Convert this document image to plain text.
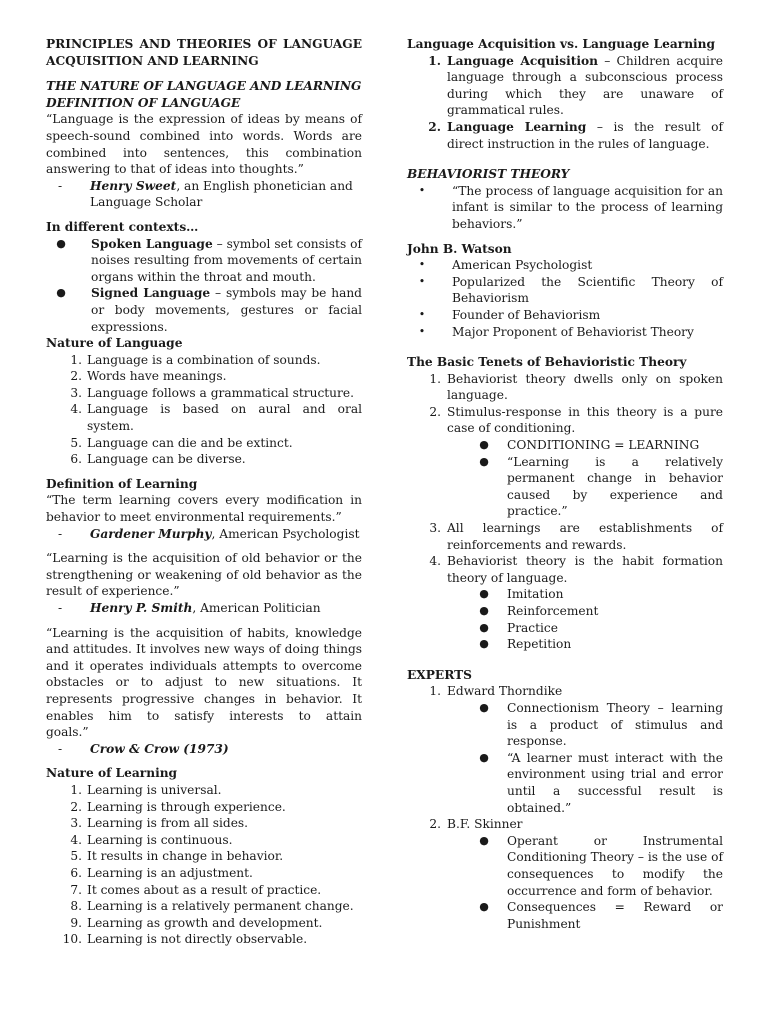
PRINCIPLES AND THEORIES OF LANGUAGE ACQUISITION AND LEARNING

THE NATURE OF LANGUAGE AND LEARNING

DEFINITION OF LANGUAGE

“Language is the expression of ideas by means of speech-sound combined into words. Words are combined into sentences, this combination answering to that of ideas into thoughts.”

-	Henry Sweet, an English phonetician and Language Scholar

In different contexts…

●	Spoken Language – symbol set consists of noises resulting from movements of certain organs within the throat and mouth.
●	Signed Language – symbols may be hand or body movements, gestures or facial expressions.

Nature of Language

1. Language is a combination of sounds.
2. Words have meanings.
3. Language follows a grammatical structure.
4. Language is based on aural and oral system.
5. Language can die and be extinct.
6. Language can be diverse.

Definition of Learning

“The term learning covers every modification in behavior to meet environmental requirements.”

-	Gardener Murphy, American Psychologist

“Learning is the acquisition of old behavior or the strengthening or weakening of old behavior as the result of experience.”

-	Henry P. Smith, American Politician

“Learning is the acquisition of habits, knowledge and attitudes. It involves new ways of doing things and it operates individuals attempts to overcome obstacles or to adjust to new situations. It represents progressive changes in behavior. It enables him to satisfy interests to attain

goals.”

-	Crow & Crow (1973)

Nature of Learning

1. Learning is universal.
2. Learning is through experience.
3. Learning is from all sides.
4. Learning is continuous.
5. It results in change in behavior.
6. Learning is an adjustment.
7. It comes about as a result of practice.
8. Learning is a relatively permanent change.
9. Learning as growth and development.
10. Learning is not directly observable.

Language Acquisition vs. Language Learning

1. Language Acquisition – Children acquire language through a subconscious process during which they are unaware of grammatical rules.
2. Language Learning – is the result of direct instruction in the rules of language.

BEHAVIORIST THEORY

•	“The process of language acquisition for an infant is similar to the process of learning behaviors.”

John B. Watson

•	American Psychologist
•	Popularized the Scientific Theory of Behaviorism
•	Founder of Behaviorism
•	Major Proponent of Behaviorist Theory

The Basic Tenets of Behavioristic Theory

1. Behaviorist theory dwells only on spoken language.
2. Stimulus-response in this theory is a pure case of conditioning.
●	CONDITIONING = LEARNING
●	“Learning is a relatively permanent change in behavior caused by experience and practice.”
3. All learnings are establishments of reinforcements and rewards.
4. Behaviorist theory is the habit formation theory of language.
●	Imitation
●	Reinforcement
●	Practice
●	Repetition

EXPERTS

1. Edward Thorndike
●	Connectionism Theory – learning is a product of stimulus and response.
●	“A learner must interact with the environment using trial and error until a successful result is obtained.”
2. B.F. Skinner
●	Operant or Instrumental Conditioning Theory – is the use of consequences to modify the occurrence and form of behavior.
●	Consequences = Reward or Punishment
